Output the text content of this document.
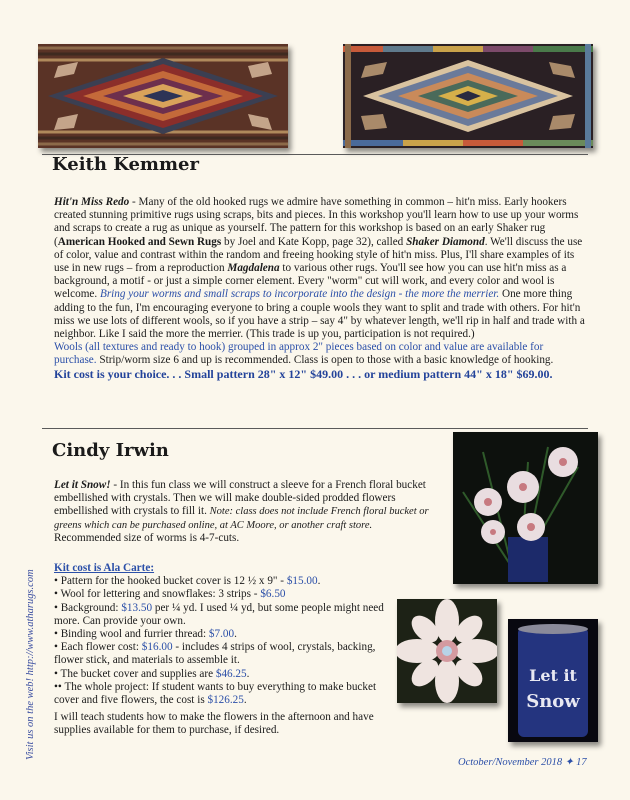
Keith Kemmer

Hit'n Miss Redo - Many of the old hooked rugs we admire have something in common – hit'n miss. Early hookers created stunning primitive rugs using scraps, bits and pieces. In this workshop you'll learn how to use up your worms and scraps to create a rug as unique as yourself. The pattern for this workshop is based on an early Shaker rug (American Hooked and Sewn Rugs by Joel and Kate Kopp, page 32), called Shaker Diamond. We'll discuss the use of color, value and contrast within the random and freeing hooking style of hit'n miss. Plus, I'll share examples of its use in new rugs – from a reproduction Magdalena to various other rugs. You'll see how you can use hit'n miss as a background, a motif - or just a simple corner element. Every "worm" cut will work, and every color and wool is welcome. Bring your worms and small scraps to incorporate into the design - the more the merrier. One more thing adding to the fun, I'm encouraging everyone to bring a couple wools they want to split and trade with others. For hit'n miss we use lots of different wools, so if you have a strip – say 4" by whatever length, we'll rip in half and trade with a neighbor. Like I said the more the merrier. (This trade is up you, participation is not required.)

Wools (all textures and ready to hook) grouped in approx 2" pieces based on color and value are available for purchase. Strip/worm size 6 and up is recommended. Class is open to those with a basic knowledge of hooking.

Kit cost is your choice. . . Small pattern 28" x 12" $49.00 . . . or medium pattern 44" x 18" $69.00.

Cindy Irwin

Let it Snow! - In this fun class we will construct a sleeve for a French floral bucket embellished with crystals. Then we will make double-sided prodded flowers embellished with crystals to fill it. Note: class does not include French floral bucket or greens which can be purchased online, at AC Moore, or another craft store.

Recommended size of worms is 4-7-cuts.

Kit cost is Ala Carte:

• Pattern for the hooked bucket cover is 12 ½ x 9" - $15.00.

• Wool for lettering and snowflakes: 3 strips - $6.50

• Background: $13.50 per ¼ yd. I used ¼ yd, but some people might need more. Can provide your own.

• Binding wool and furrier thread: $7.00.

• Each flower cost: $16.00 - includes 4 strips of wool, crystals, backing, flower stick, and materials to assemble it.

• The bucket cover and supplies are $46.25.

•• The whole project: If student wants to buy everything to make bucket cover and five flowers, the cost is $126.25.

I will teach students how to make the flowers in the afternoon and have supplies available for them to purchase, if desired.
Let it
Snow
Visit us on the web! http://www.atharugs.com
October/November 2018 ✦ 17
